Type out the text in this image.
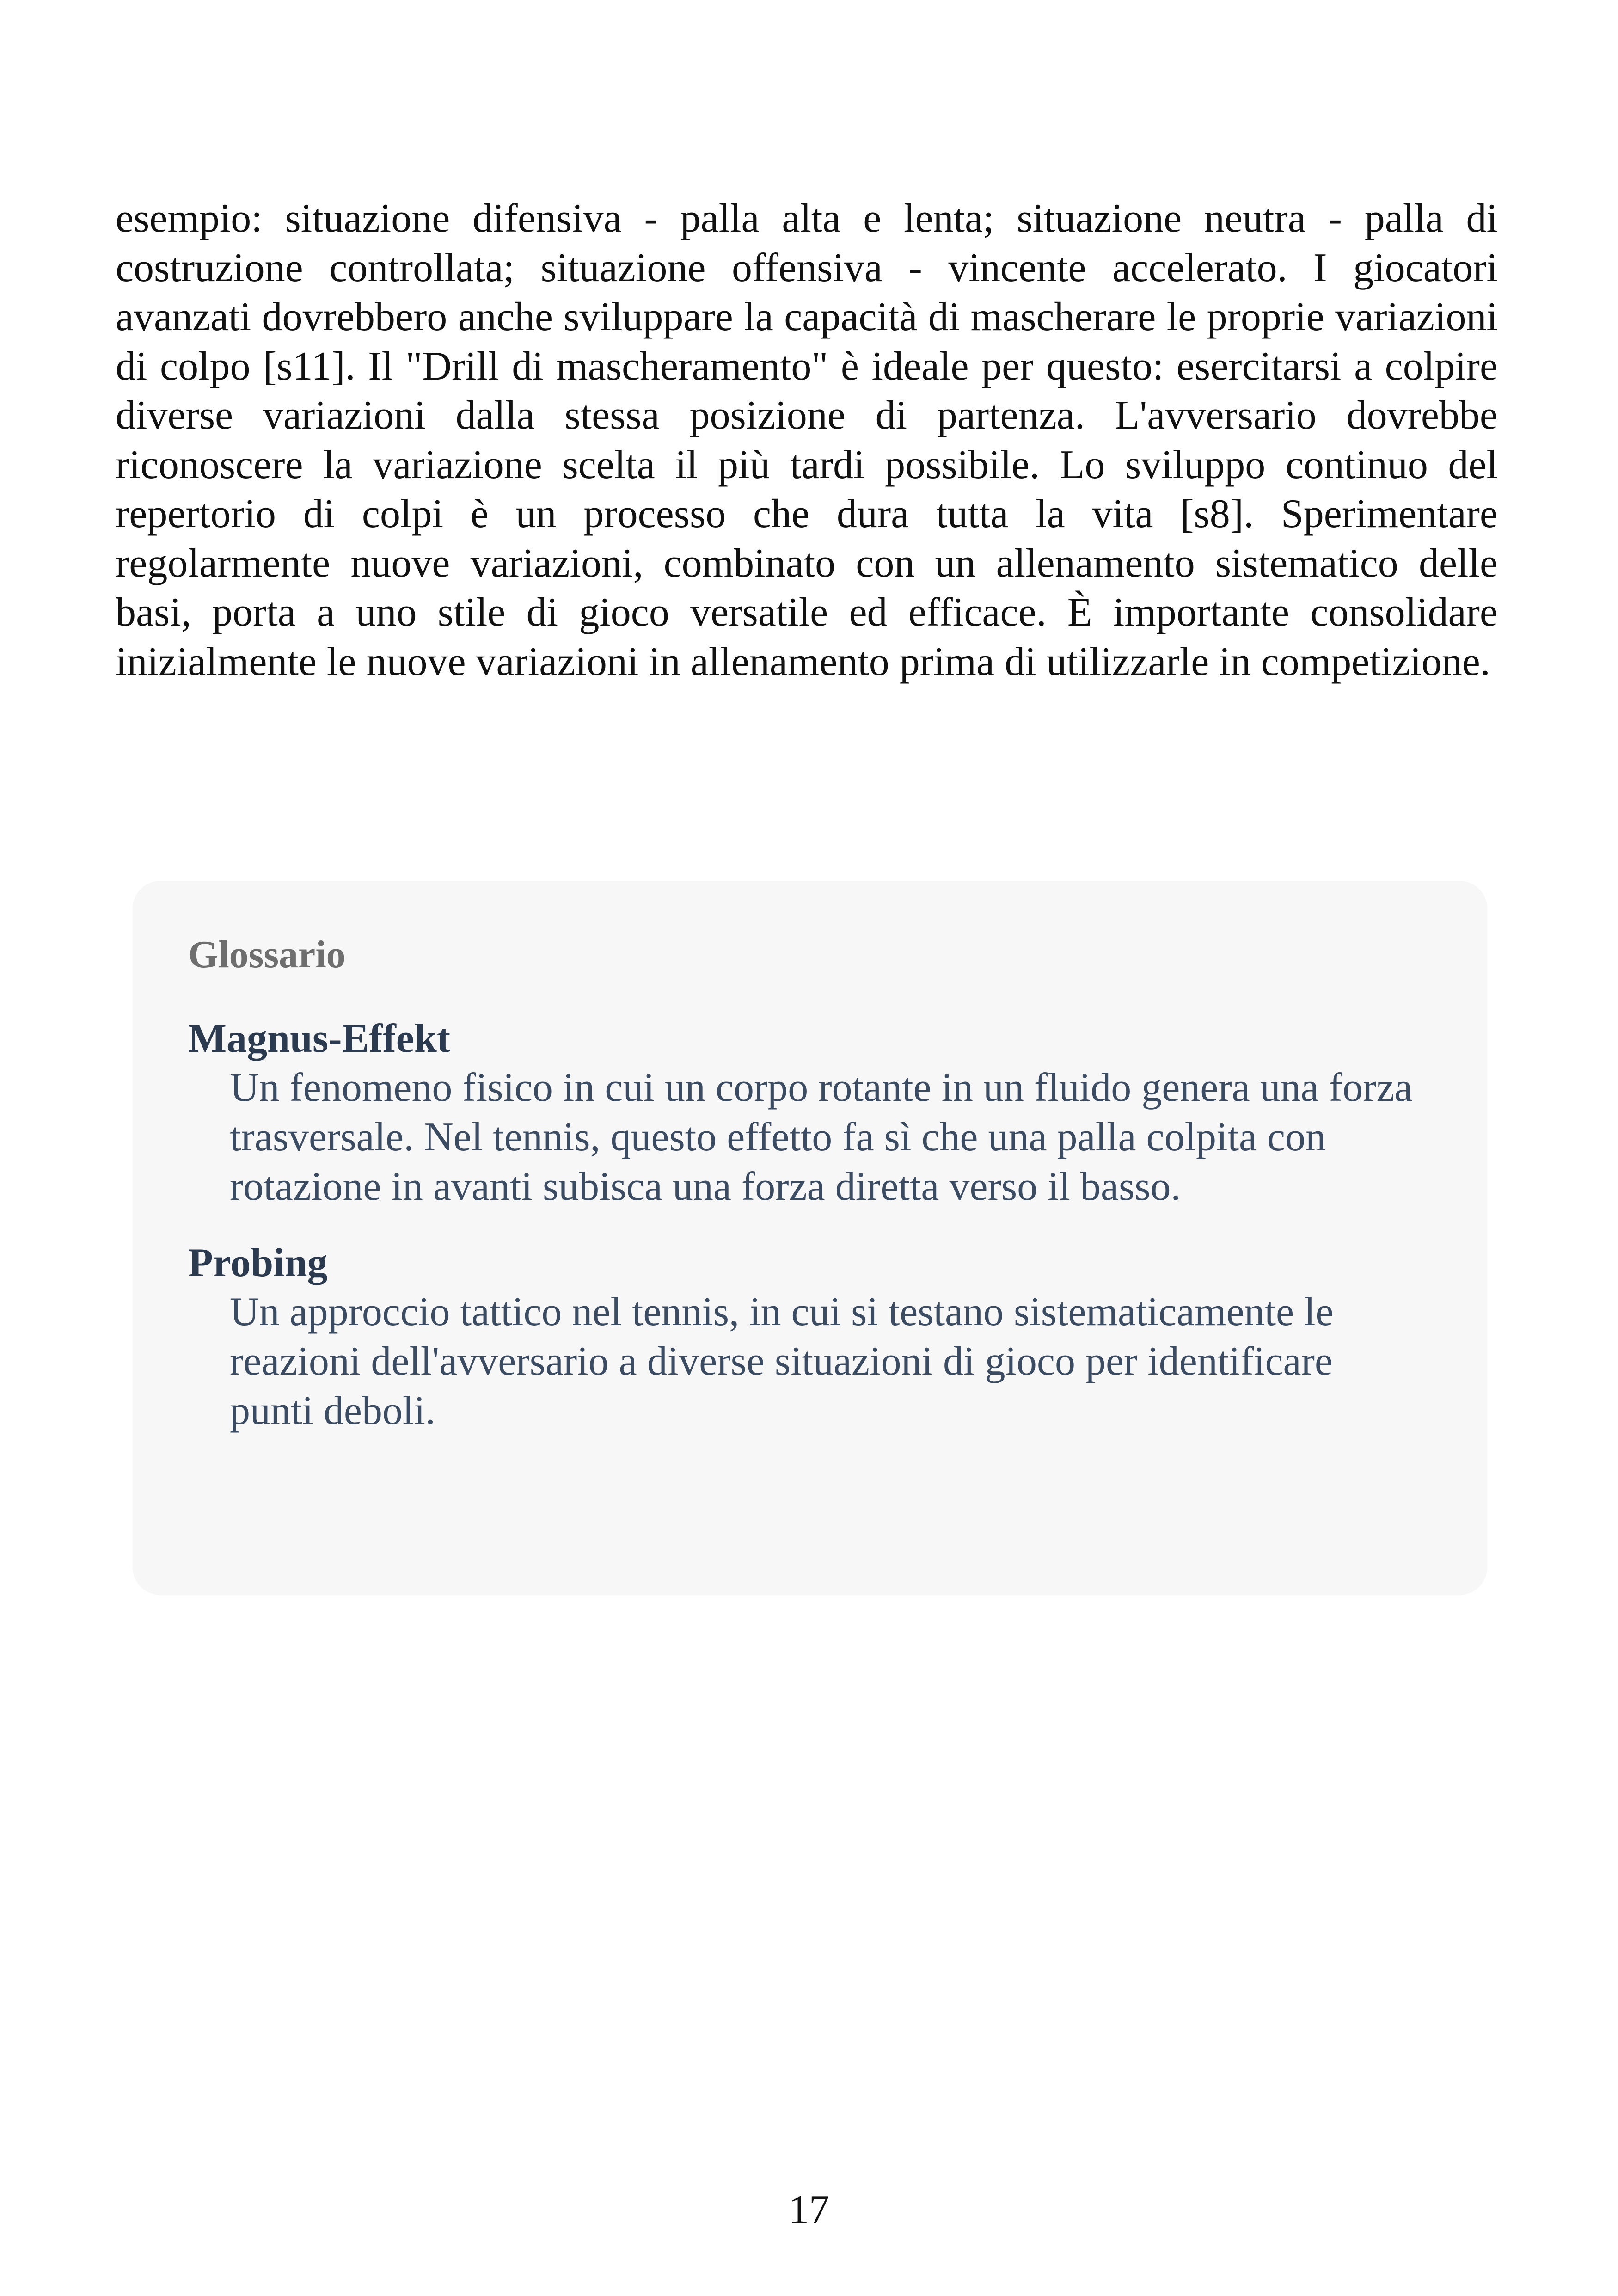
esempio: situazione difensiva - palla alta e lenta; situazione neutra - palla di costruzione controllata; situazione offensiva - vincente accelerato. I giocatori avanzati dovrebbero anche sviluppare la capacità di mascherare le proprie variazioni di colpo [s11]. Il "Drill di mascheramento" è ideale per questo: esercitarsi a colpire diverse variazioni dalla stessa posizione di partenza. L'avversario dovrebbe riconoscere la variazione scelta il più tardi possibile. Lo sviluppo continuo del repertorio di colpi è un processo che dura tutta la vita [s8]. Sperimentare regolarmente nuove variazioni, combinato con un allenamento sistematico delle basi, porta a uno stile di gioco versatile ed efficace. È importante consolidare inizialmente le nuove variazioni in allenamento prima di utilizzarle in competizione.

Glossario

Magnus-Effekt

Un fenomeno fisico in cui un corpo rotante in un fluido genera una forza trasversale. Nel tennis, questo effetto fa sì che una palla colpita con rotazione in avanti subisca una forza diretta verso il basso.

Probing

Un approccio tattico nel tennis, in cui si testano sistematicamente le reazioni dell'avversario a diverse situazioni di gioco per identificare punti deboli.

17
